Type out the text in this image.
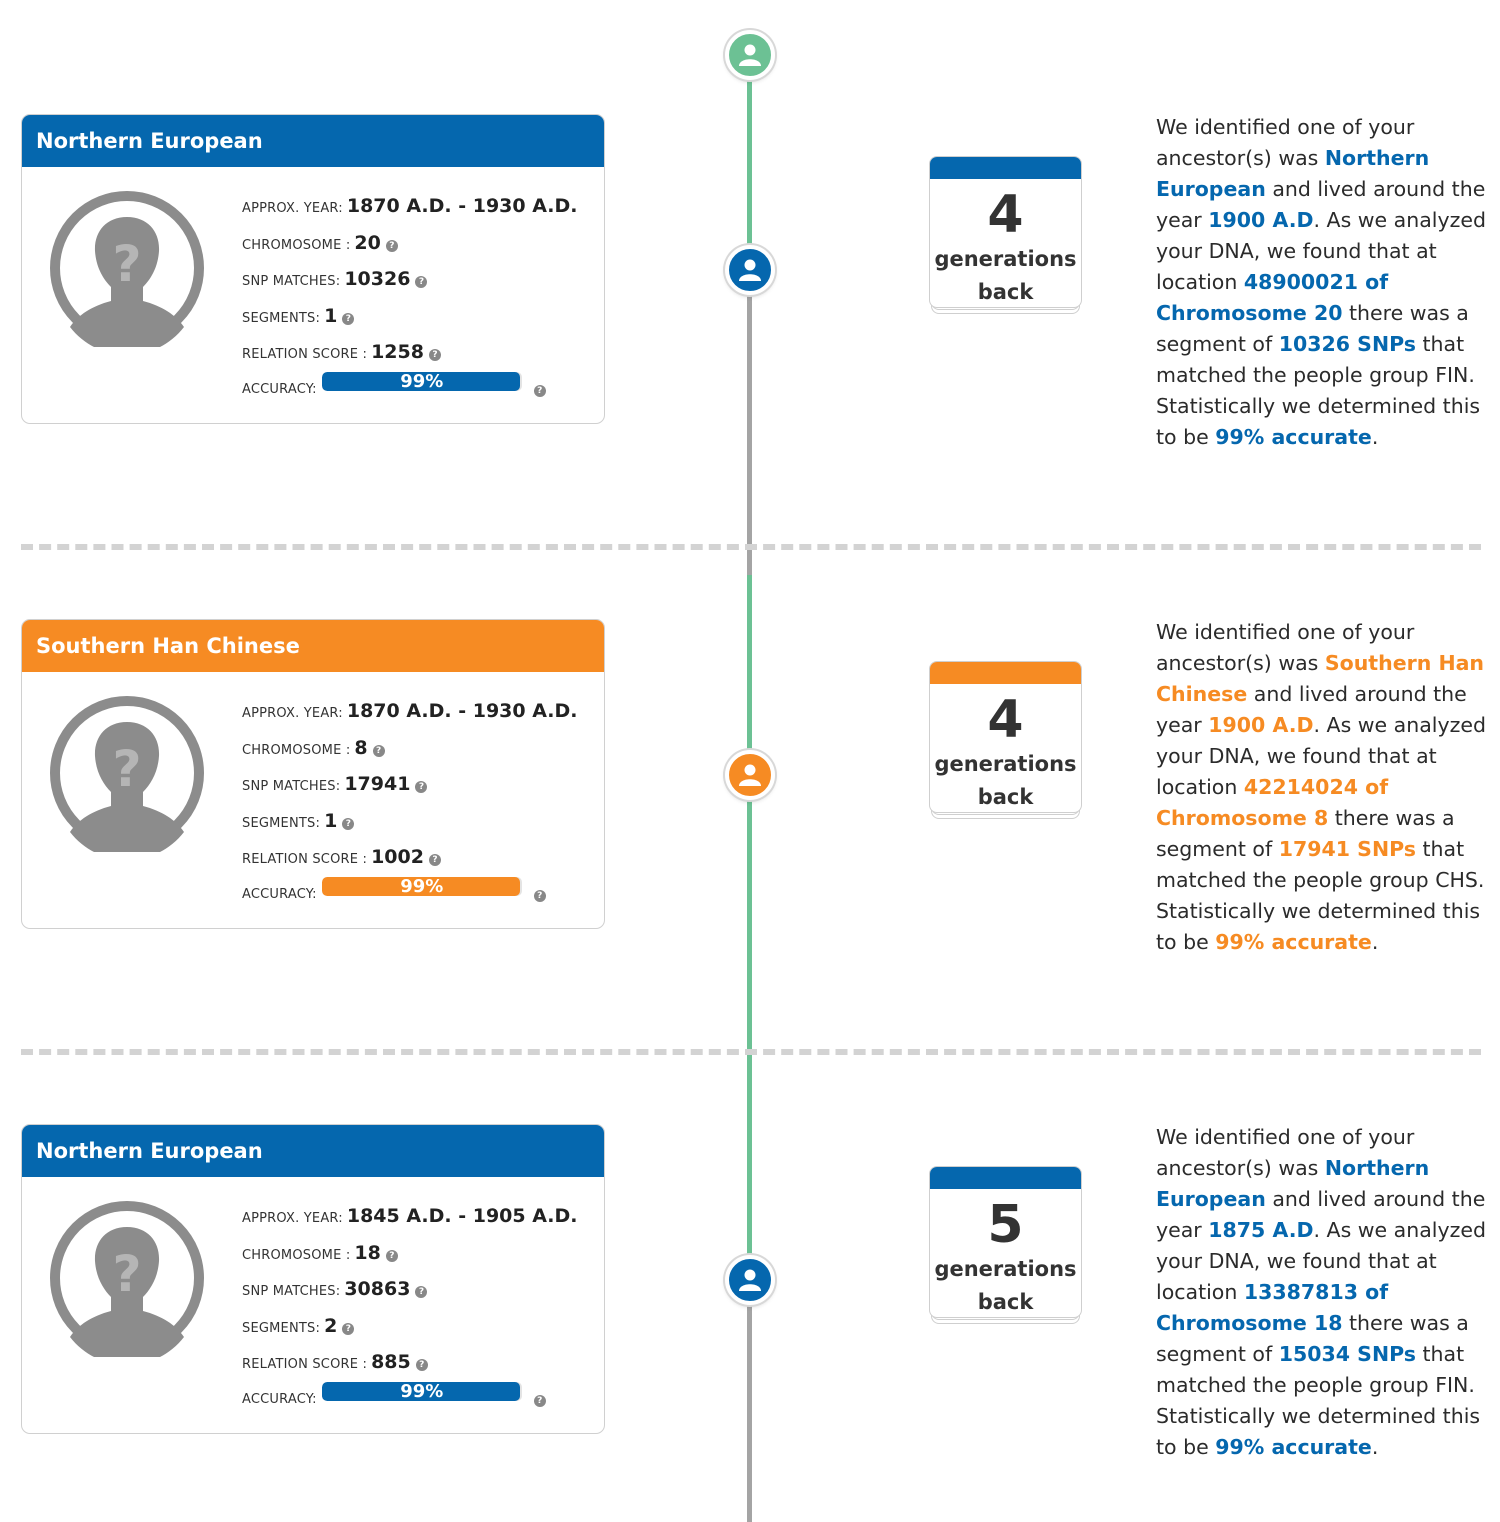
Northern European
?
APPROX. YEAR: 1870 A.D. - 1930 A.D.
CHROMOSOME : 20 ?
SNP MATCHES: 10326 ?
SEGMENTS: 1 ?
RELATION SCORE : 1258 ?
ACCURACY:	99%	?
4
generations
back
We identified one of your ancestor(s) was Northern European and lived around the year 1900 A.D. As we analyzed your DNA, we found that at location 48900021 of Chromosome 20 there was a segment of 10326 SNPs that matched the people group FIN. Statistically we determined this to be 99% accurate.
Southern Han Chinese
?
APPROX. YEAR: 1870 A.D. - 1930 A.D.
CHROMOSOME : 8 ?
SNP MATCHES: 17941 ?
SEGMENTS: 1 ?
RELATION SCORE : 1002 ?
ACCURACY:	99%	?
4
generations
back
We identified one of your ancestor(s) was Southern Han Chinese and lived around the year 1900 A.D. As we analyzed your DNA, we found that at location 42214024 of Chromosome 8 there was a segment of 17941 SNPs that matched the people group CHS. Statistically we determined this to be 99% accurate.
Northern European
?
APPROX. YEAR: 1845 A.D. - 1905 A.D.
CHROMOSOME : 18 ?
SNP MATCHES: 30863 ?
SEGMENTS: 2 ?
RELATION SCORE : 885 ?
ACCURACY:	99%	?
5
generations
back
We identified one of your ancestor(s) was Northern European and lived around the year 1875 A.D. As we analyzed your DNA, we found that at location 13387813 of Chromosome 18 there was a segment of 15034 SNPs that matched the people group FIN. Statistically we determined this to be 99% accurate.
